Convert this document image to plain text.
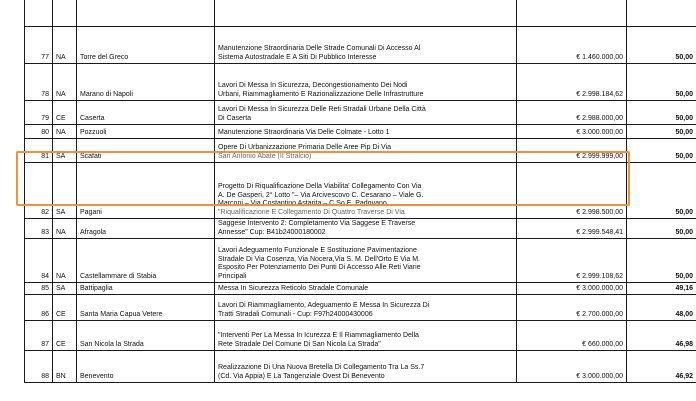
77	NA	Torre del Greco	Manutenzione Straordinaria Delle Strade Comunali Di Accesso Al
Sistema Autostradale E A Siti Di Pubblico Interesse	€ 1.460.000,00	50,00
78	NA	Marano di Napoli	Lavori Di Messa In Sicurezza, Decongestionamento Dei Nodi
Urbani, Riammagliamento E Razionalizzazione Delle Infrastrutture	€ 2.998.184,62	50,00
79	CE	Caserta	Lavori Di Messa In Sicurezza Delle Reti Stradali Urbane Della Città
Di Caserta	€ 2.988.000,00	50,00
80	NA	Pozzuoli	Manutenzione Straordinaria Via Delle Colmate - Lotto 1	€ 3.000.000,00	50,00
81	SA	Scafati	Opere Di Urbanizzazione Primaria Delle Aree Pip Di Via
San Antonio Abate (II Stralcio)	€ 2.999.999,00	50,00
82	SA	Pagani	Progetto Di Riqualificazione Della Viabilita' Collegamento Con Via
A. De Gasperi, 2° Lotto "– Via Arcivescovo C. Cesarano – Viale G.
Marconi – Via Costantino Astarita – C.So E. Padovano
"Riqualificazione E Collegamento Di Quattro Traverse Di Via	€ 2.998.500,00	50,00
83	NA	Afragola	Saggese Intervento 2: Completamento Via Saggese E Traverse
Annesse" Cup: B41b24000180002	€ 2.999.548,41	50,00
84	NA	Castellammare di Stabia	Lavori Adeguamento Funzionale E Sostituzione Pavimentazione
Stradale Di Via Cosenza, Via Nocera,Via S. M. Dell'Orto E Via M.
Esposito Per Potenziamento Dei Punti Di Accesso Alle Reti Viarie
Principali	€ 2.999.108,62	50,00
85	SA	Battipaglia	Messa In Sicurezza Reticolo Stradale Comunale	€ 3.000.000,00	49,16
86	CE	Santa Maria Capua Vetere	Lavori Di Riammagliamento, Adeguamento E Messa In Sicurezza Di
Tratti Stradali Comunali - Cup: F97h24000430006	€ 2.700.000,00	48,00
87	CE	San Nicola la Strada	"Interventi Per La Messa In Icurezza E Il Riammagliamento Della
Rete Stradale Del Comune Di San Nicola La Strada"	€ 660.000,00	46,98
88	BN	Benevento	Realizzazione Di Una Nuova Bretella Di Collegamento Tra La Ss.7
(Cd. Via Appia) E La Tangenziale Ovest Di Benevento	€ 3.000.000,00	46,92
